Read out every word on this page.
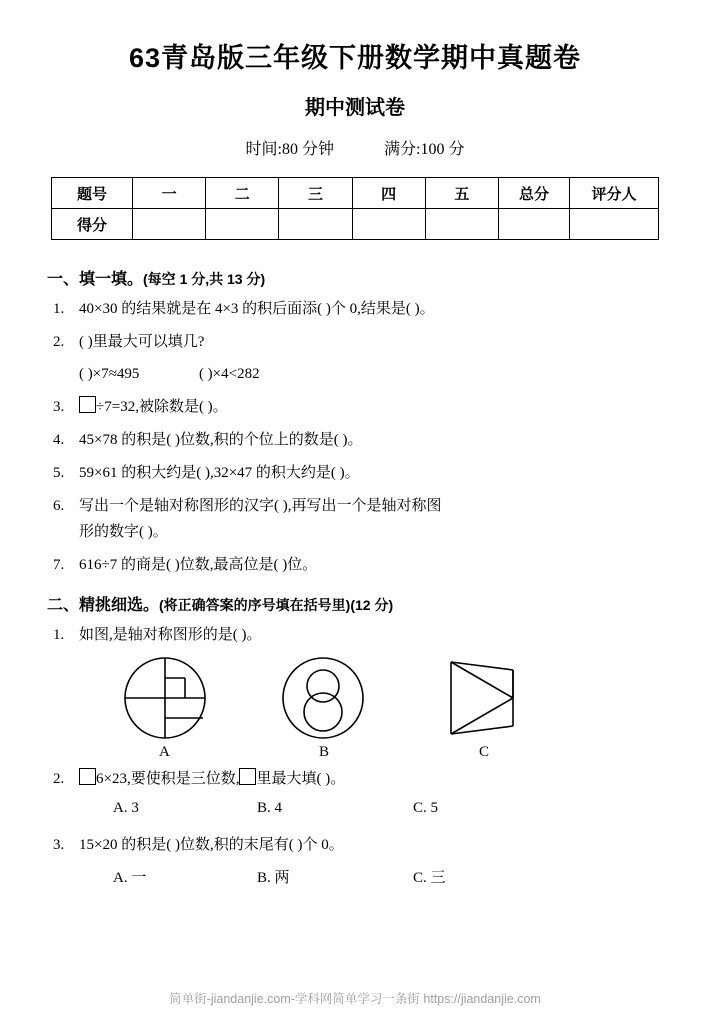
63青岛版三年级下册数学期中真题卷
期中测试卷
时间:80 分钟	满分:100 分
题号	一	二	三	四	五	总分	评分人
得分							
一、填一填。(每空 1 分,共 13 分)
1. 40×30 的结果就是在 4×3 的积后面添( )个 0,结果是( )。
2. ( )里最大可以填几?
( )×7≈495	( )×4<282
3. ÷7=32,被除数是( )。
4. 45×78 的积是( )位数,积的个位上的数是( )。
5. 59×61 的积大约是( ),32×47 的积大约是( )。
6. 写出一个是轴对称图形的汉字( ),再写出一个是轴对称图
形的数字( )。
7. 616÷7 的商是( )位数,最高位是( )位。
二、精挑细选。(将正确答案的序号填在括号里)(12 分)
1. 如图,是轴对称图形的是( )。
A	B	C
2. 6×23,要使积是三位数, 里最大填( )。
A. 3	B. 4	C. 5
3. 15×20 的积是( )位数,积的末尾有( )个 0。
A. 一	B. 两	C. 三
简单街-jiandanjie.com-学科网简单学习一条街 https://jiandanjie.com
